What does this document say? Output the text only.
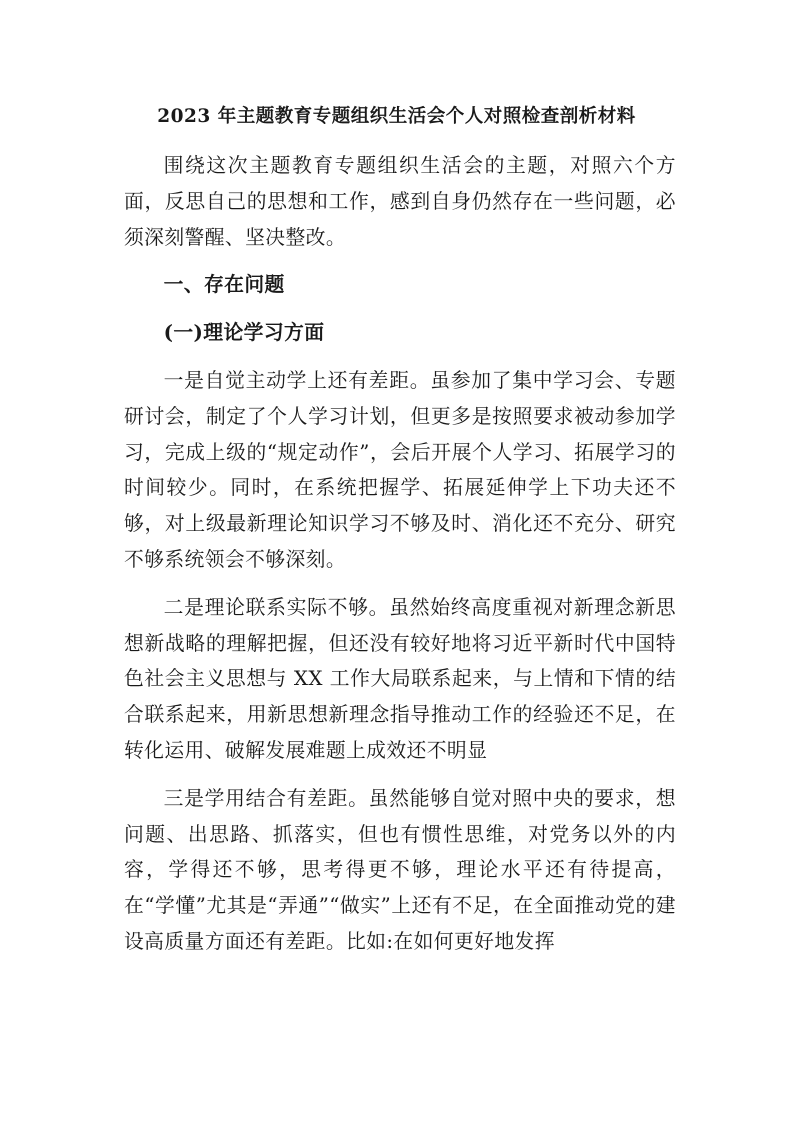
2023 年主题教育专题组织生活会个人对照检查剖析材料

围绕这次主题教育专题组织生活会的主题，对照六个方面，反思自己的思想和工作，感到自身仍然存在一些问题，必须深刻警醒、坚决整改。

一、存在问题

(一)理论学习方面

一是自觉主动学上还有差距。虽参加了集中学习会、专题研讨会，制定了个人学习计划，但更多是按照要求被动参加学习，完成上级的“规定动作”，会后开展个人学习、拓展学习的时间较少。同时，在系统把握学、拓展延伸学上下功夫还不够，对上级最新理论知识学习不够及时、消化还不充分、研究不够系统领会不够深刻。

二是理论联系实际不够。虽然始终高度重视对新理念新思想新战略的理解把握，但还没有较好地将习近平新时代中国特色社会主义思想与 XX 工作大局联系起来，与上情和下情的结合联系起来，用新思想新理念指导推动工作的经验还不足，在转化运用、破解发展难题上成效还不明显

三是学用结合有差距。虽然能够自觉对照中央的要求，想问题、出思路、抓落实，但也有惯性思维，对党务以外的内容，学得还不够，思考得更不够，理论水平还有待提高，在“学懂”尤其是“弄通”“做实”上还有不足，在全面推动党的建设高质量方面还有差距。比如:在如何更好地发挥
